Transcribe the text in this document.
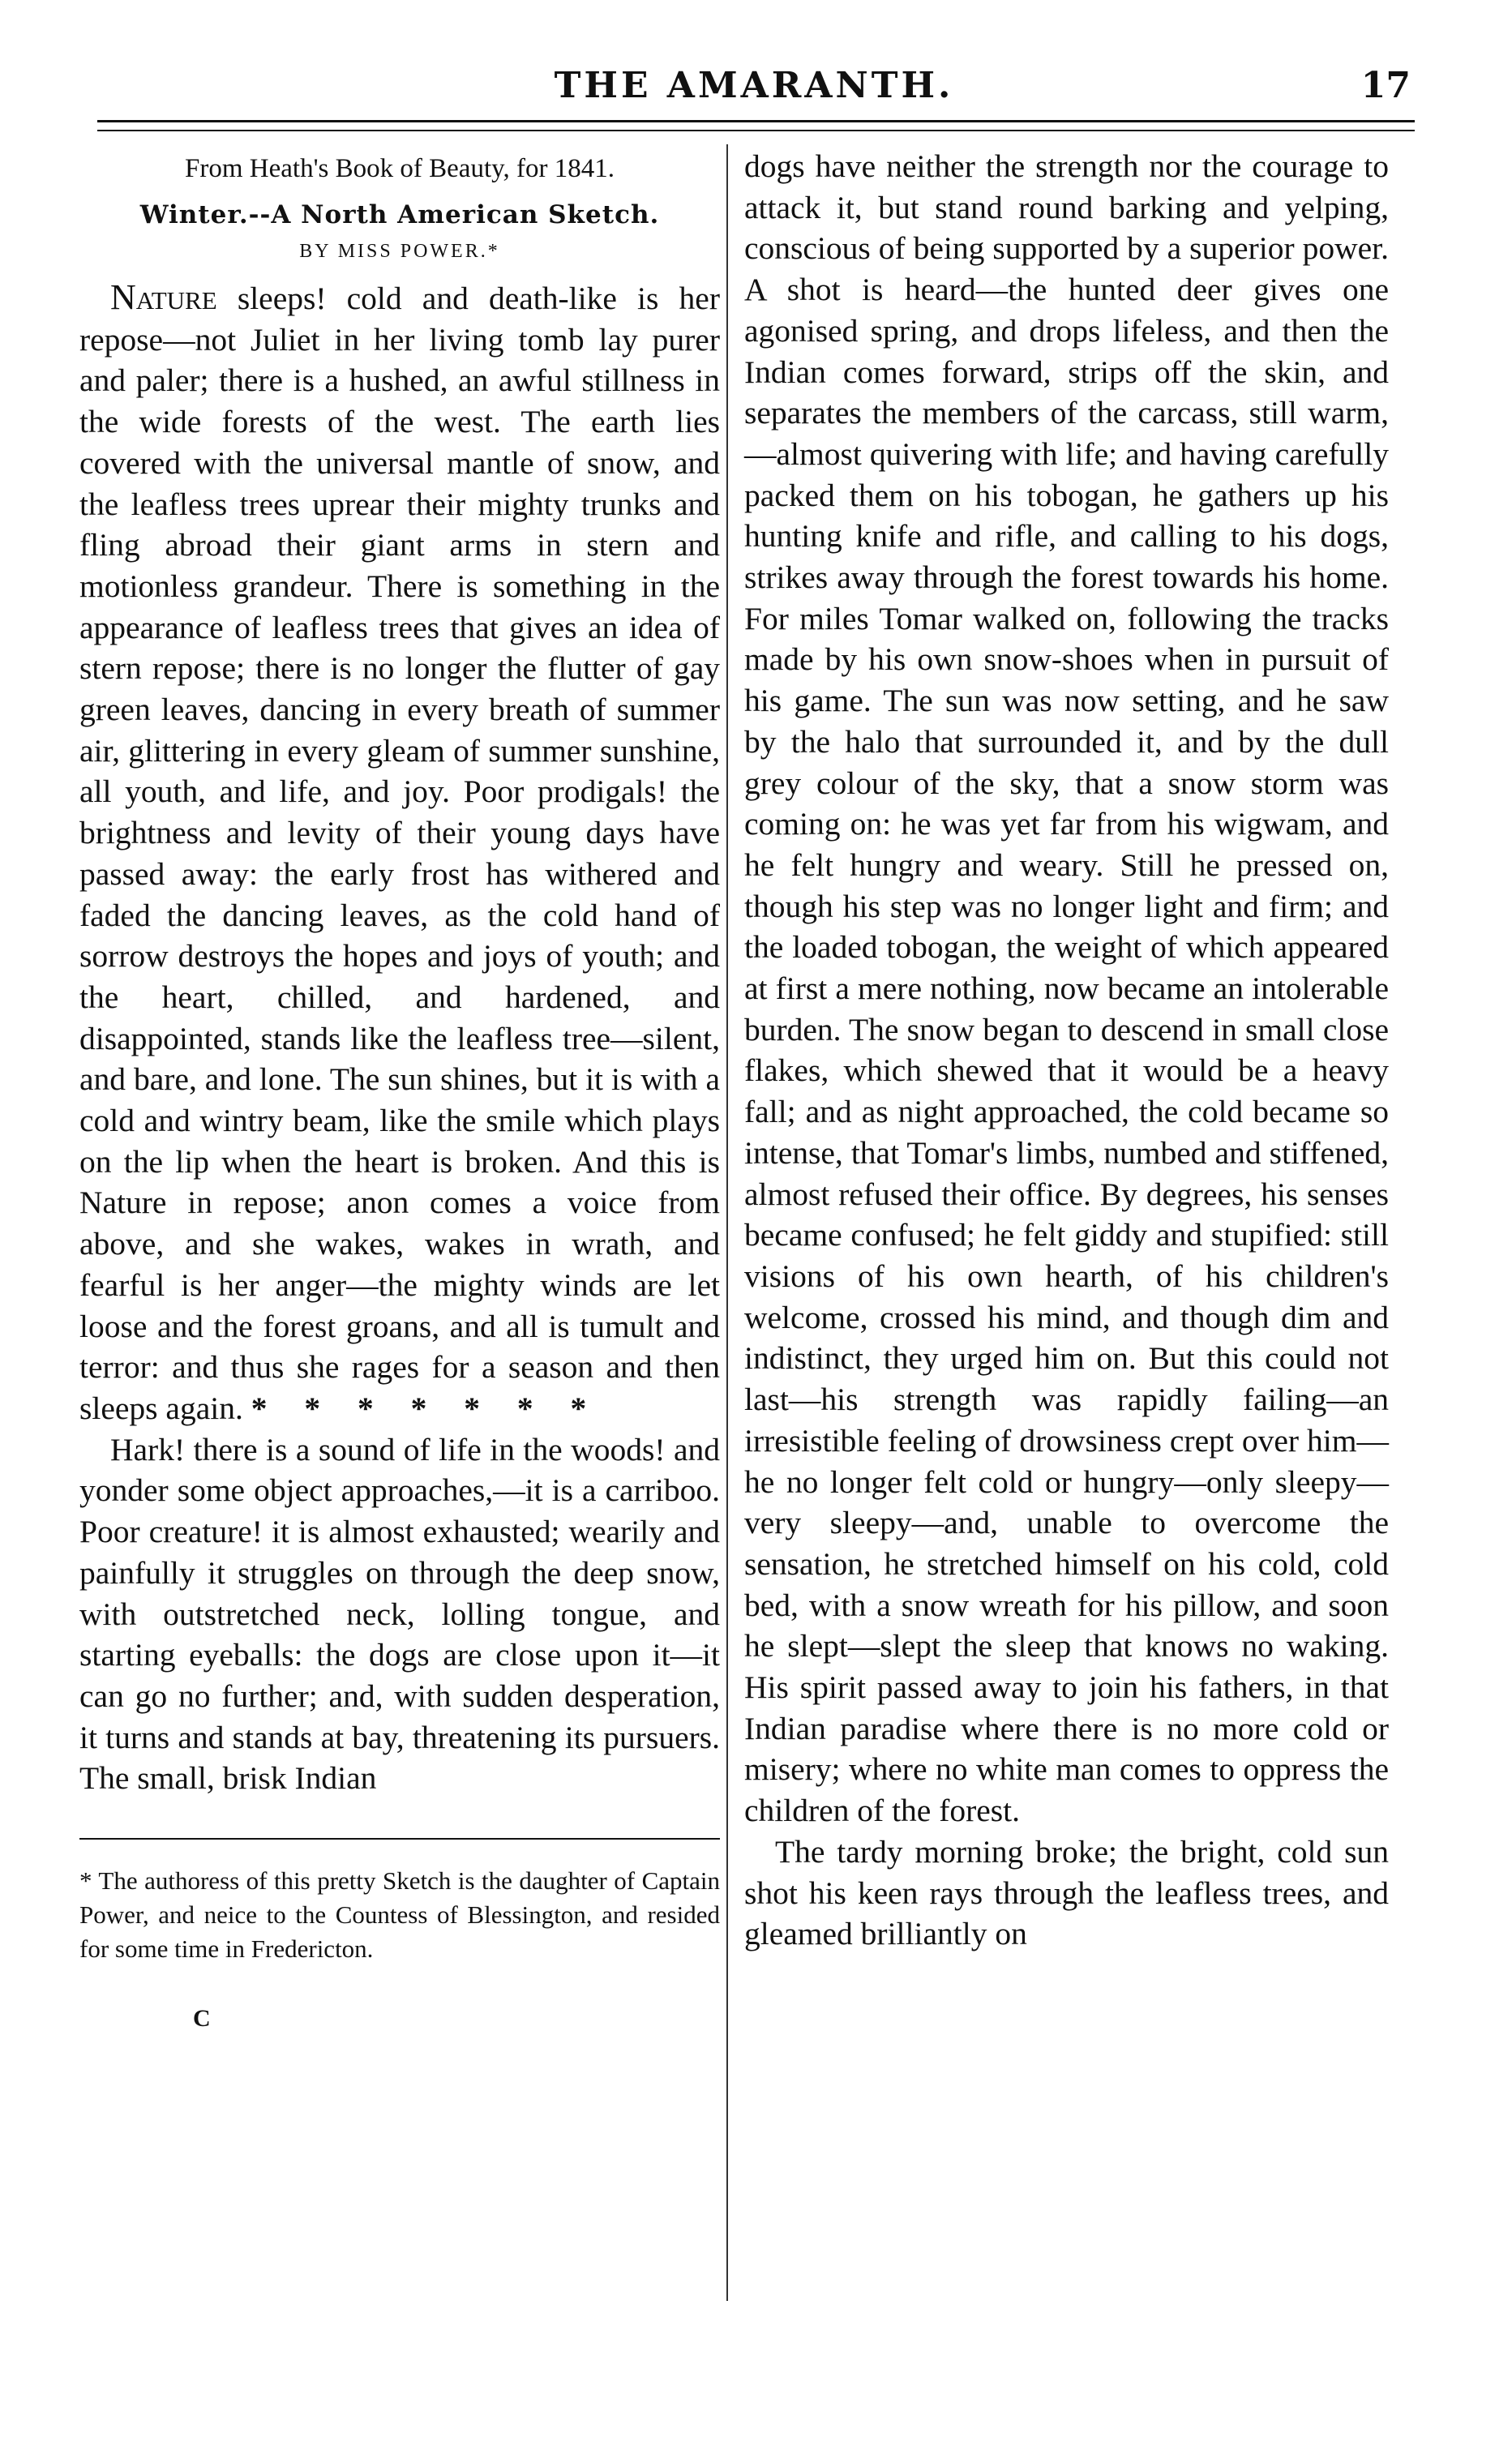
THE AMARANTH.	17
From Heath's Book of Beauty, for 1841.
Winter.--A North American Sketch.
BY MISS POWER.*

Nature sleeps! cold and death-like is her repose—not Juliet in her living tomb lay purer and paler; there is a hushed, an awful stillness in the wide forests of the west. The earth lies covered with the universal mantle of snow, and the leafless trees uprear their mighty trunks and fling abroad their giant arms in stern and motionless grandeur. There is something in the appearance of leafless trees that gives an idea of stern repose; there is no longer the flutter of gay green leaves, dancing in every breath of summer air, glittering in every gleam of summer sunshine, all youth, and life, and joy. Poor prodigals! the brightness and levity of their young days have passed away: the early frost has withered and faded the dancing leaves, as the cold hand of sorrow destroys the hopes and joys of youth; and the heart, chilled, and hardened, and disappointed, stands like the leafless tree—silent, and bare, and lone. The sun shines, but it is with a cold and wintry beam, like the smile which plays on the lip when the heart is broken. And this is Nature in repose; anon comes a voice from above, and she wakes, wakes in wrath, and fearful is her anger—the mighty winds are let loose and the forest groans, and all is tumult and terror: and thus she rages for a season and then sleeps again. * * * * * * *

Hark! there is a sound of life in the woods! and yonder some object approaches,—it is a carriboo. Poor creature! it is almost exhausted; wearily and painfully it struggles on through the deep snow, with outstretched neck, lolling tongue, and starting eyeballs: the dogs are close upon it—it can go no further; and, with sudden desperation, it turns and stands at bay, threatening its pursuers. The small, brisk Indian

* The authoress of this pretty Sketch is the daughter of Captain Power, and neice to the Countess of Blessington, and resided for some time in Fredericton.

C

dogs have neither the strength nor the courage to attack it, but stand round barking and yelping, conscious of being supported by a superior power. A shot is heard—the hunted deer gives one agonised spring, and drops lifeless, and then the Indian comes forward, strips off the skin, and separates the members of the carcass, still warm,—almost quivering with life; and having carefully packed them on his tobogan, he gathers up his hunting knife and rifle, and calling to his dogs, strikes away through the forest towards his home. For miles Tomar walked on, following the tracks made by his own snow-shoes when in pursuit of his game. The sun was now setting, and he saw by the halo that surrounded it, and by the dull grey colour of the sky, that a snow storm was coming on: he was yet far from his wigwam, and he felt hungry and weary. Still he pressed on, though his step was no longer light and firm; and the loaded tobogan, the weight of which appeared at first a mere nothing, now became an intolerable burden. The snow began to descend in small close flakes, which shewed that it would be a heavy fall; and as night approached, the cold became so intense, that Tomar's limbs, numbed and stiffened, almost refused their office. By degrees, his senses became confused; he felt giddy and stupified: still visions of his own hearth, of his children's welcome, crossed his mind, and though dim and indistinct, they urged him on. But this could not last—his strength was rapidly failing—an irresistible feeling of drowsiness crept over him—he no longer felt cold or hungry—only sleepy—very sleepy—and, unable to overcome the sensation, he stretched himself on his cold, cold bed, with a snow wreath for his pillow, and soon he slept—slept the sleep that knows no waking. His spirit passed away to join his fathers, in that Indian paradise where there is no more cold or misery; where no white man comes to oppress the children of the forest.

The tardy morning broke; the bright, cold sun shot his keen rays through the leafless trees, and gleamed brilliantly on
